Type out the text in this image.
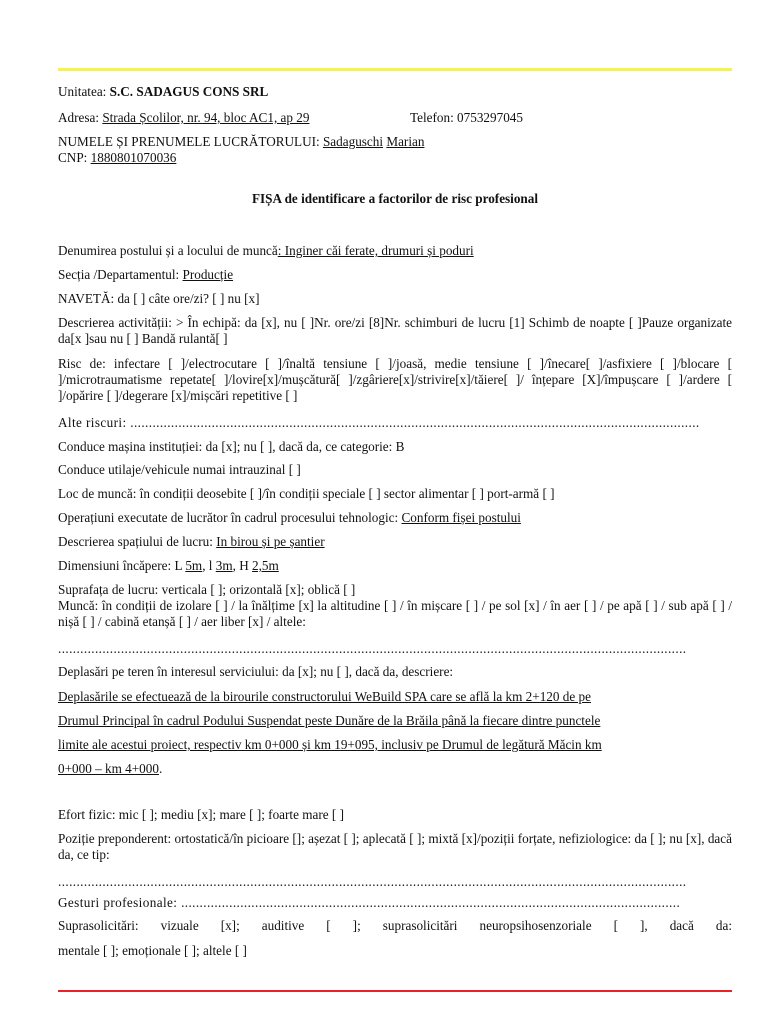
Unitatea: S.C. SADAGUS CONS SRL
Adresa: Strada Școlilor, nr. 94, bloc AC1, ap 29	Telefon: 0753297045
NUMELE ȘI PRENUMELE LUCRĂTORULUI: Sadaguschi Marian
CNP: 1880801070036
FIȘA de identificare a factorilor de risc profesional
Denumirea postului și a locului de muncă: Inginer căi ferate, drumuri și poduri
Secția /Departamentul: Producție
NAVETĂ: da [ ] câte ore/zi? [ ] nu [x]
Descrierea activității: > În echipă: da [x], nu [ ]Nr. ore/zi [8]Nr. schimburi de lucru [1] Schimb de noapte [ ]Pauze organizate da[x ]sau nu [ ] Bandă rulantă[ ]
Risc de: infectare [ ]/electrocutare [ ]/înaltă tensiune [ ]/joasă, medie tensiune [ ]/înecare[ ]/asfixiere [ ]/blocare [ ]/microtraumatisme repetate[ ]/lovire[x]/mușcătură[ ]/zgâriere[x]/strivire[x]/tăiere[ ]/ înțepare [X]/împușcare [ ]/ardere [ ]/opărire [ ]/degerare [x]/mișcări repetitive [ ]
Alte riscuri: ..........................................................................................................................................................
Conduce mașina instituției: da [x]; nu [ ], dacă da, ce categorie: B
Conduce utilaje/vehicule numai intrauzinal [ ]
Loc de muncă: în condiții deosebite [ ]/în condiții speciale [ ] sector alimentar [ ] port-armă [ ]
Operațiuni executate de lucrător în cadrul procesului tehnologic: Conform fișei postului
Descrierea spațiului de lucru: In birou și pe șantier
Dimensiuni încăpere: L 5m, l 3m, H 2,5m
Suprafața de lucru: verticala [ ]; orizontală [x]; oblică [ ]
Muncă: în condiții de izolare [ ] / la înălțime [x] la altitudine [ ] / în mișcare [ ] / pe sol [x] / în aer [ ] / pe apă [ ] / sub apă [ ] / nișă [ ] / cabină etanșă [ ] / aer liber [x] / altele:
..........................................................................................................................................................................
Deplasări pe teren în interesul serviciului: da [x]; nu [ ], dacă da, descriere:
Deplasările se efectuează de la birourile constructorului WeBuild SPA care se află la km 2+120 de pe
Drumul Principal în cadrul Podului Suspendat peste Dunăre de la Brăila până la fiecare dintre punctele
limite ale acestui proiect, respectiv km 0+000 și km 19+095, inclusiv pe Drumul de legătură Măcin km
0+000 – km 4+000.
Efort fizic: mic [ ]; mediu [x]; mare [ ]; foarte mare [ ]
Poziție preponderent: ortostatică/în picioare []; așezat [ ]; aplecată [ ]; mixtă [x]/poziții forțate, nefiziologice: da [ ]; nu [x], dacă da, ce tip:
..........................................................................................................................................................................
Gesturi profesionale: .......................................................................................................................................
Suprasolicitări: vizuale [x]; auditive [ ]; suprasolicitări neuropsihosenzoriale [ ], dacă da:
mentale [ ]; emoționale [ ]; altele [ ]
